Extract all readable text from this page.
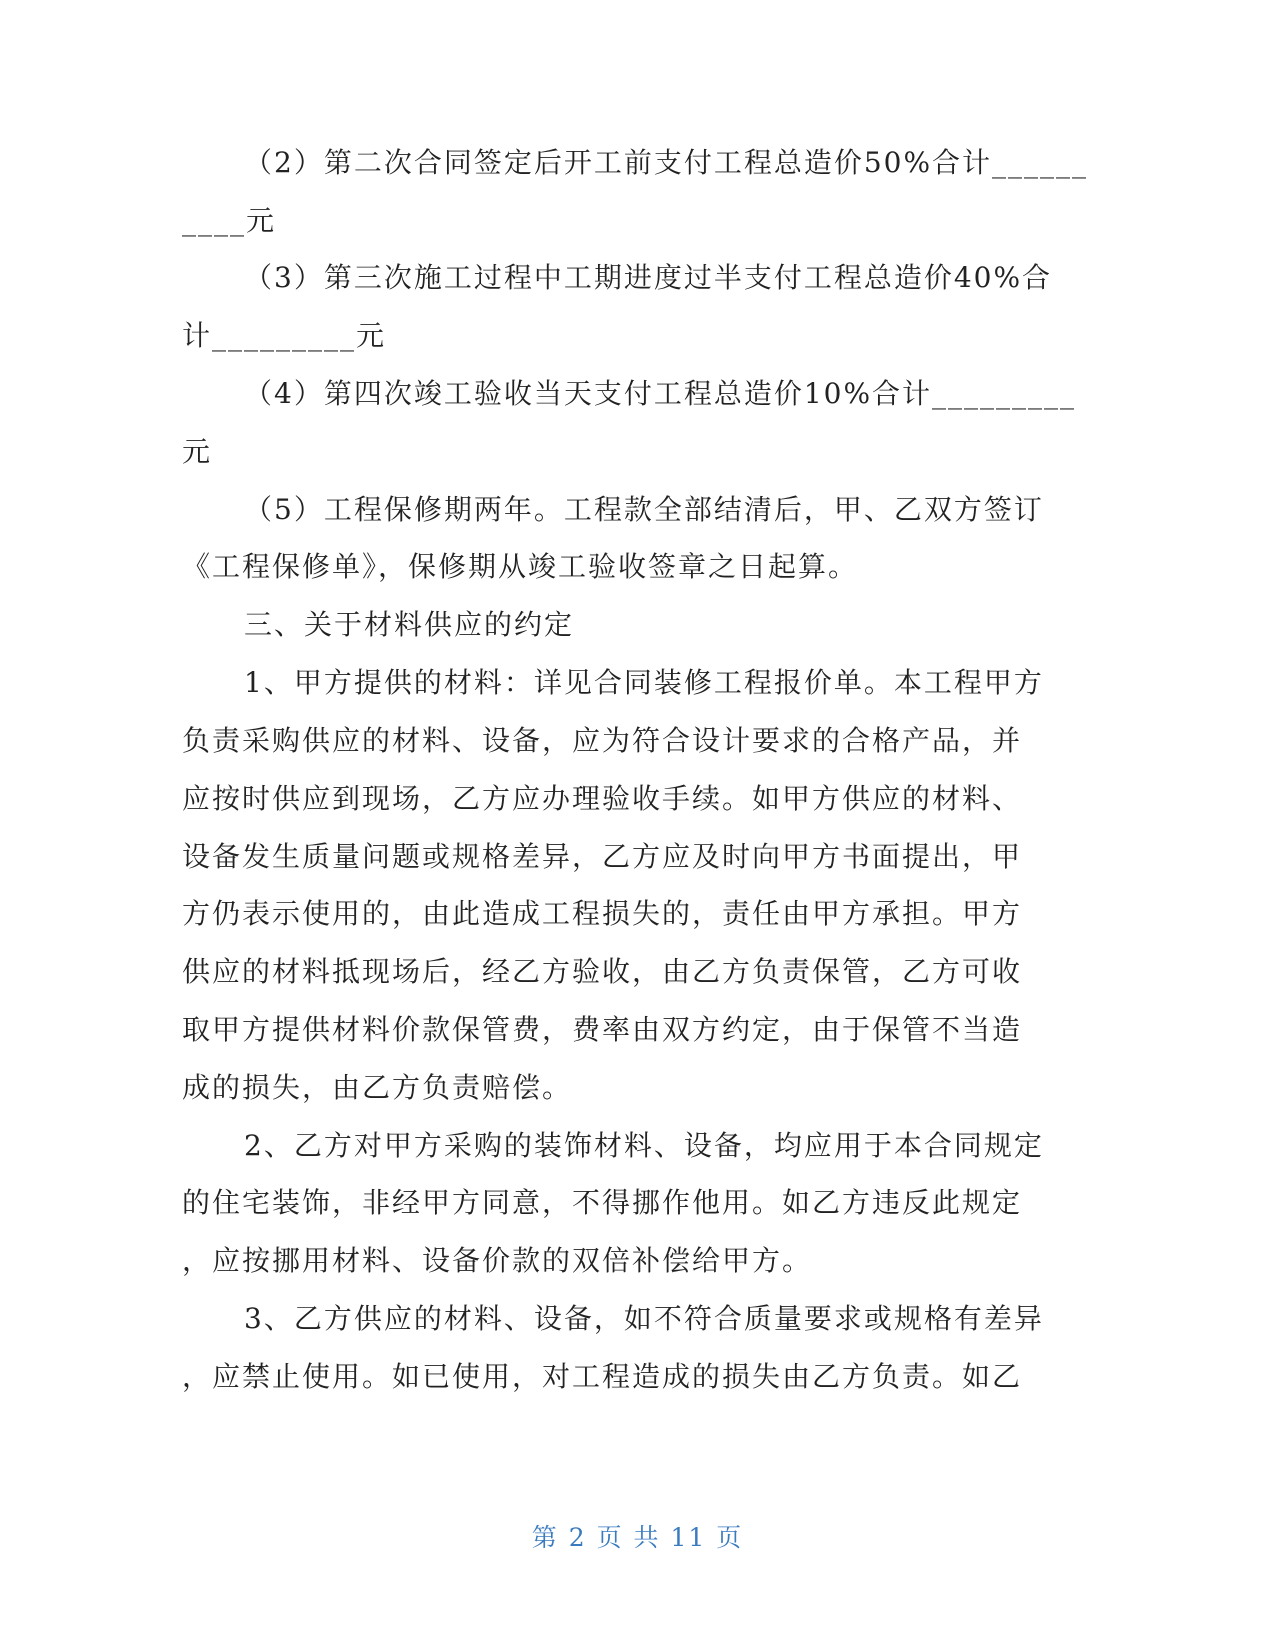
（2）第二次合同签定后开工前支付工程总造价50%合计______
____元
（3）第三次施工过程中工期进度过半支付工程总造价40%合
计_________元
（4）第四次竣工验收当天支付工程总造价10%合计_________
元
（5）工程保修期两年。工程款全部结清后，甲、乙双方签订
《工程保修单》，保修期从竣工验收签章之日起算。
三、关于材料供应的约定
1、甲方提供的材料：详见合同装修工程报价单。本工程甲方
负责采购供应的材料、设备，应为符合设计要求的合格产品，并
应按时供应到现场，乙方应办理验收手续。如甲方供应的材料、
设备发生质量问题或规格差异，乙方应及时向甲方书面提出，甲
方仍表示使用的，由此造成工程损失的，责任由甲方承担。甲方
供应的材料抵现场后，经乙方验收，由乙方负责保管，乙方可收
取甲方提供材料价款保管费，费率由双方约定，由于保管不当造
成的损失，由乙方负责赔偿。
2、乙方对甲方采购的装饰材料、设备，均应用于本合同规定
的住宅装饰，非经甲方同意，不得挪作他用。如乙方违反此规定
，应按挪用材料、设备价款的双倍补偿给甲方。
3、乙方供应的材料、设备，如不符合质量要求或规格有差异
，应禁止使用。如已使用，对工程造成的损失由乙方负责。如乙
第 2 页 共 11 页
